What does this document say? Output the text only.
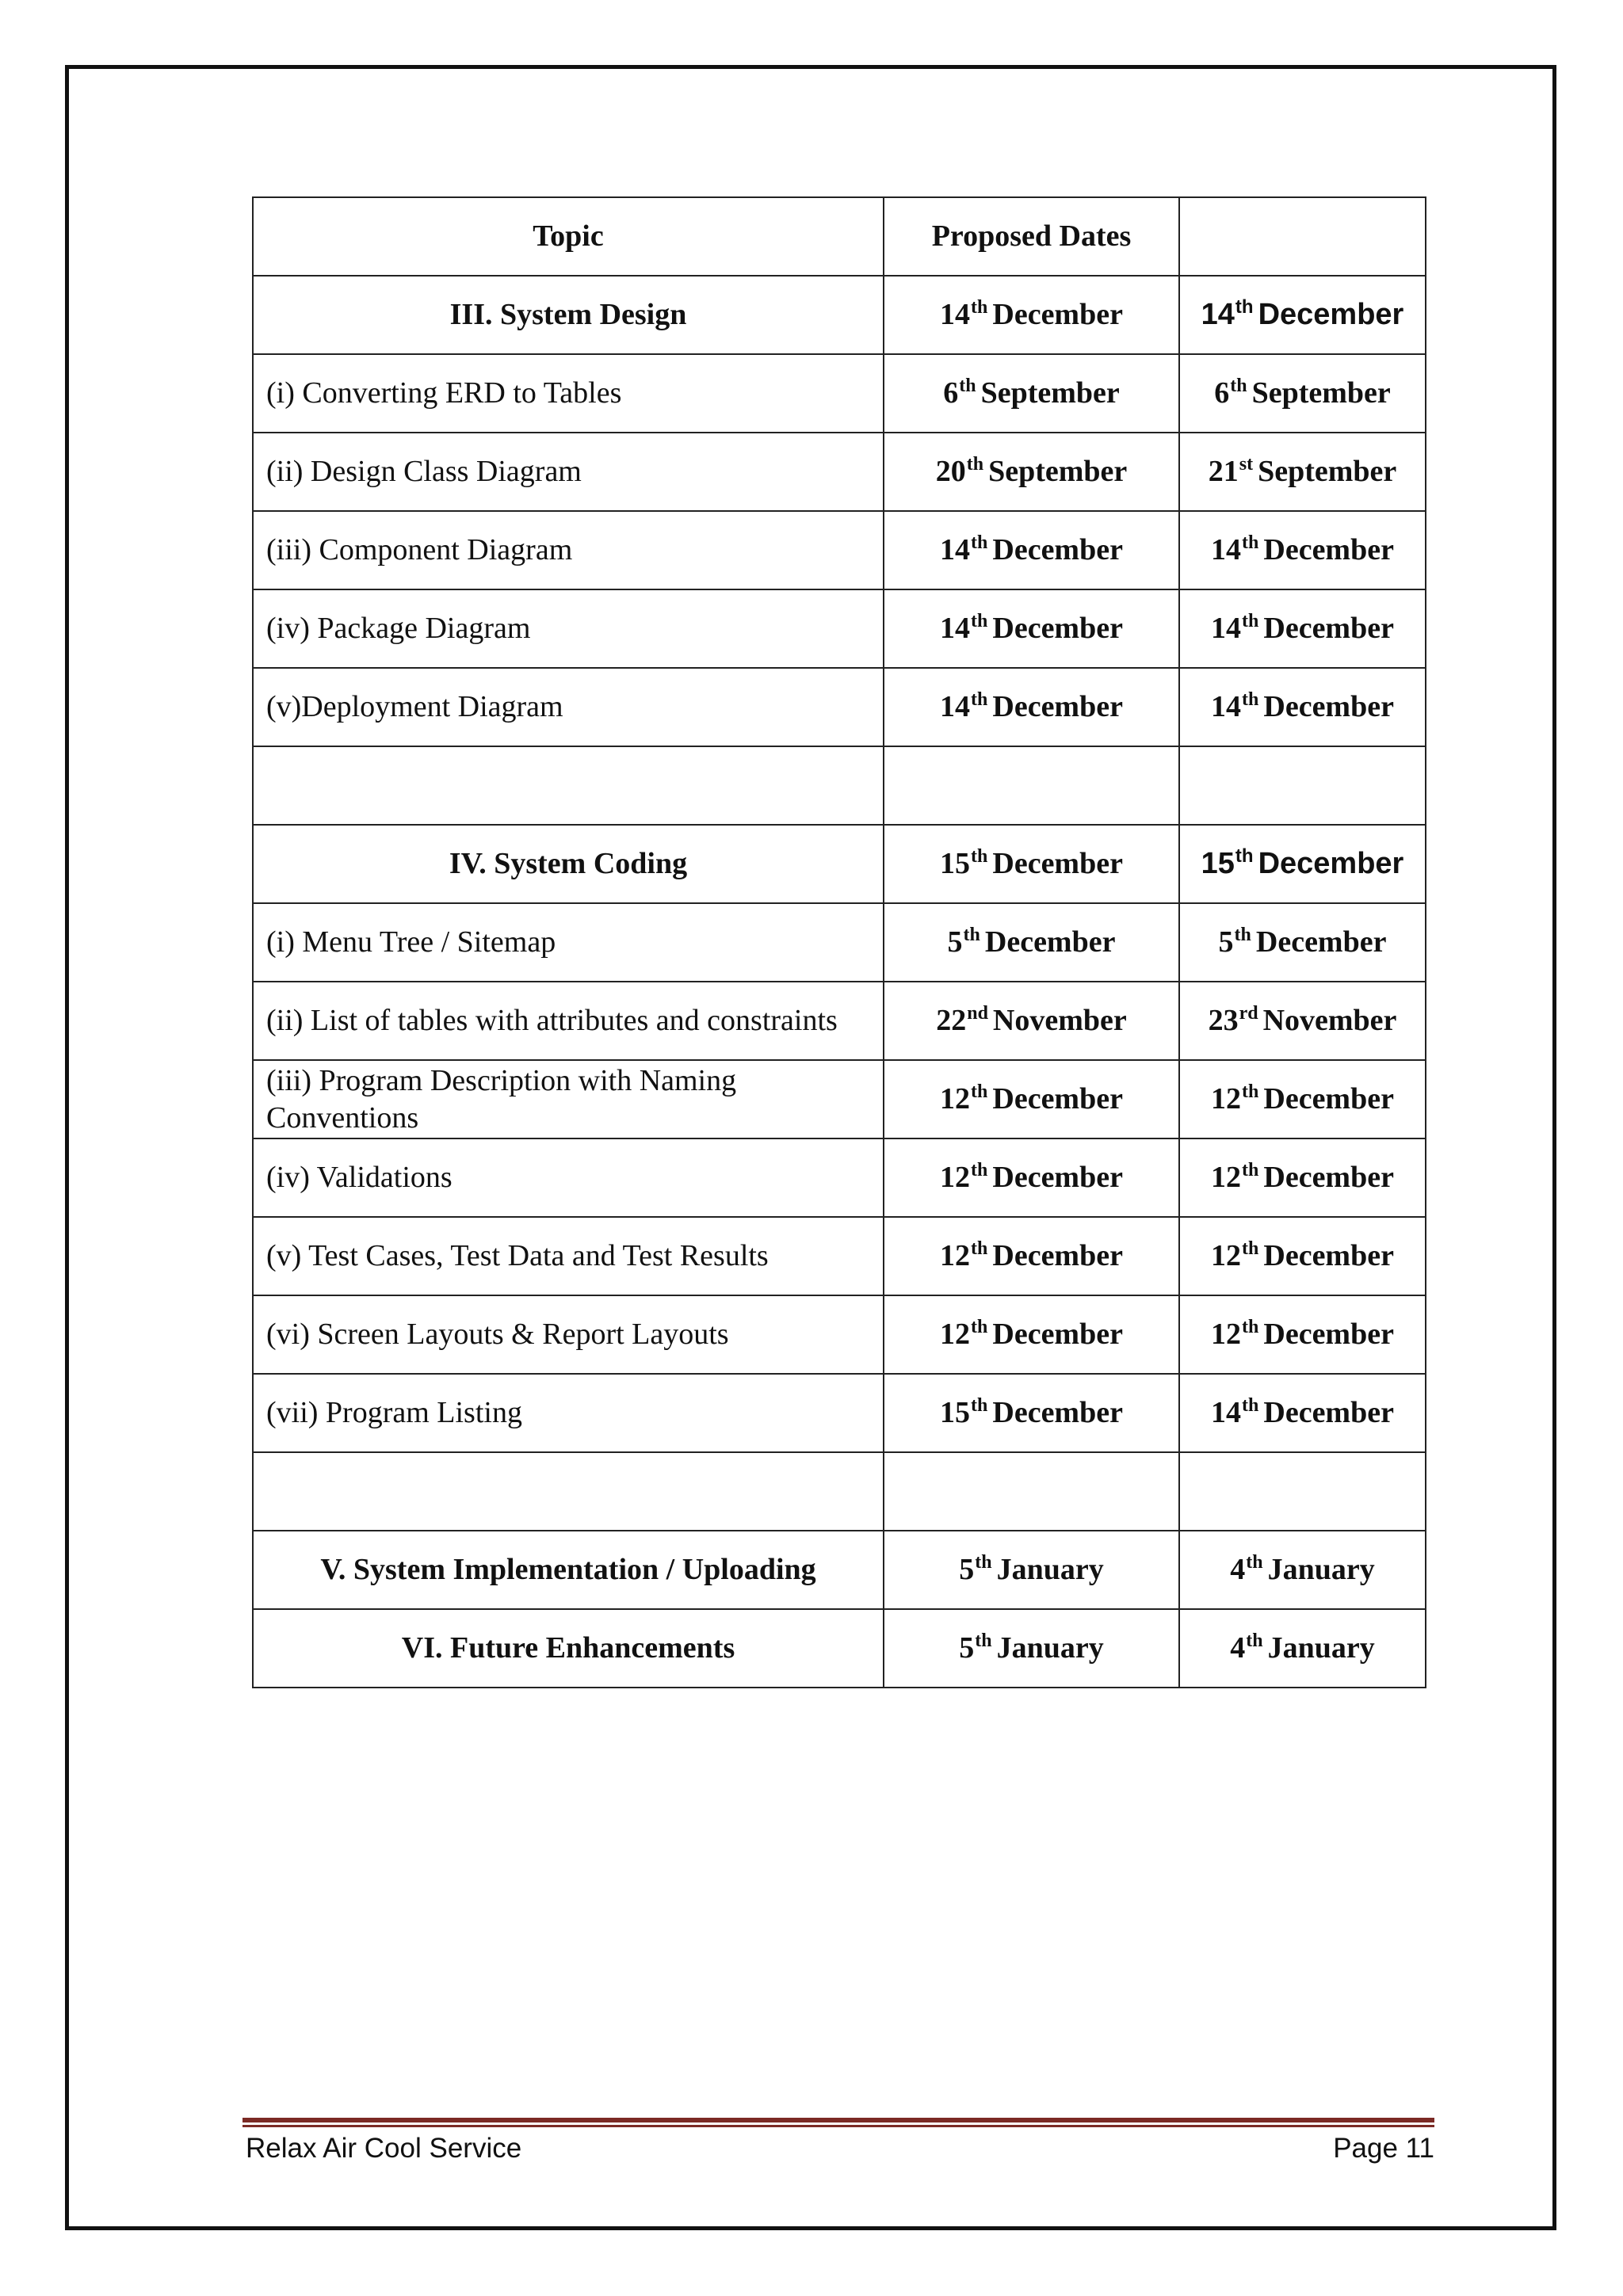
Topic	Proposed Dates	
III. System Design	14th December	14th December
(i) Converting ERD to Tables	6th September	6th September
(ii) Design Class Diagram	20th September	21st September
(iii) Component Diagram	14th December	14th December
(iv) Package Diagram	14th December	14th December
(v)Deployment Diagram	14th December	14th December

IV. System Coding	15th December	15th December
(i) Menu Tree / Sitemap	5th December	5th December
(ii) List of tables with attributes and constraints	22nd November	23rd November
(iii) Program Description with Naming Conventions	12th December	12th December
(iv) Validations	12th December	12th December
(v) Test Cases, Test Data and Test Results	12th December	12th December
(vi) Screen Layouts & Report Layouts	12th December	12th December
(vii) Program Listing	15th December	14th December

V. System Implementation / Uploading	5th January	4th January
VI. Future Enhancements	5th January	4th January
Relax Air Cool Service	Page 11
